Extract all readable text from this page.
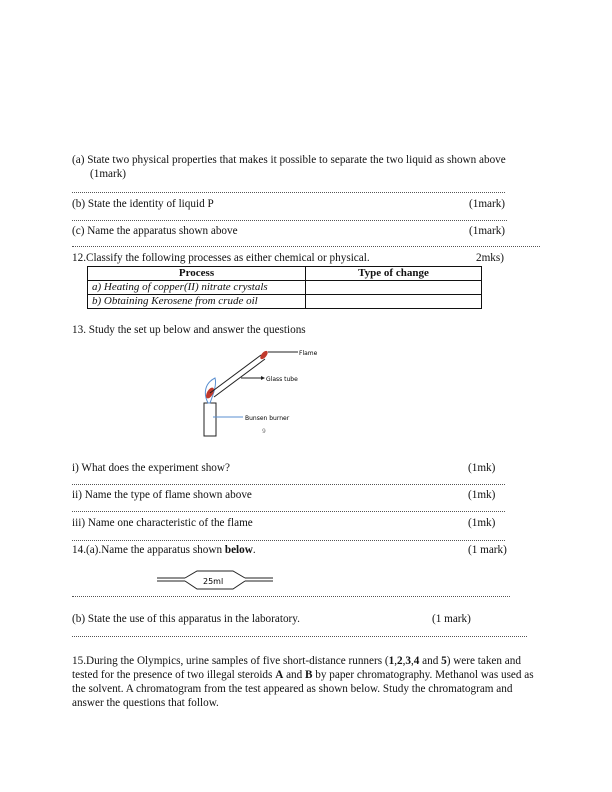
(a) State two physical properties that makes it possible to separate the two liquid as shown above
(1mark)
(b) State the identity of liquid P	(1mark)
(c) Name the apparatus shown above	(1mark)
12.Classify the following processes as either chemical or physical.	2mks)
Process	Type of change
a) Heating of copper(II) nitrate crystals	
b) Obtaining Kerosene from crude oil	
13. Study the set up below and answer the questions
Flame
Glass tube
Bunsen burner
9
i) What does the experiment show?	(1mk)
ii) Name the type of flame shown above	(1mk)
iii) Name one characteristic of the flame	(1mk)
14.(a).Name the apparatus shown below.	(1 mark)
25ml
(b) State the use of this apparatus in the laboratory.	(1 mark)
15.During the Olympics, urine samples of five short-distance runners (1,2,3,4 and 5) were taken and tested for the presence of two illegal steroids A and B by paper chromatography. Methanol was used as the solvent. A chromatogram from the test appeared as shown below. Study the chromatogram and answer the questions that follow.
